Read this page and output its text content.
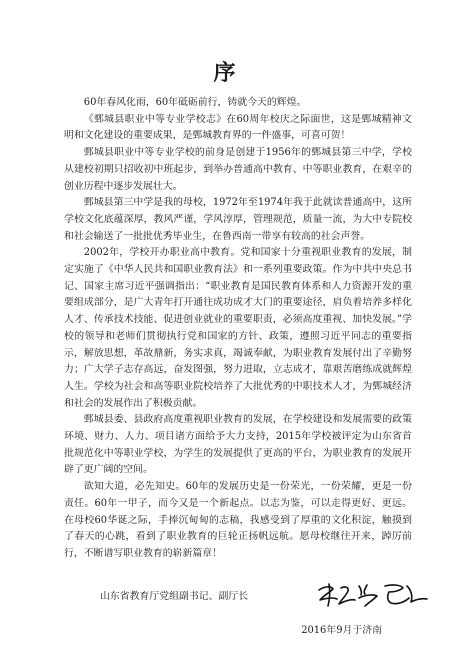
序

60年春风化雨，60年砥砺前行，铸就今天的辉煌。

《鄄城县职业中等专业学校志》在60周年校庆之际面世，这是鄄城精神文明和文化建设的重要成果，是鄄城教育界的一件盛事，可喜可贺！

鄄城县职业中等专业学校的前身是创建于1956年的鄄城县第三中学，学校从建校初期只招收初中班起步，到举办普通高中教育、中等职业教育，在艰辛的创业历程中逐步发展壮大。

鄄城县第三中学是我的母校，1972年至1974年我于此就读普通高中，这所学校文化底蕴深厚，教风严谨，学风淳厚，管理规范，质量一流，为大中专院校和社会输送了一批批优秀毕业生，在鲁西南一带享有较高的社会声誉。

2002年，学校开办职业高中教育。党和国家十分重视职业教育的发展，制定实施了《中华人民共和国职业教育法》和一系列重要政策。作为中共中央总书记、国家主席习近平强调指出：“职业教育是国民教育体系和人力资源开发的重要组成部分，是广大青年打开通往成功成才大门的重要途径，肩负着培养多样化人才、传承技术技能、促进创业就业的重要职责，必须高度重视、加快发展。”学校的领导和老师们贯彻执行党和国家的方针、政策，遵照习近平同志的重要指示，解放思想，革故鼎新，务实求真，竭诚奉献，为职业教育发展付出了辛勤努力；广大学子志存高远，奋发图强，努力进取，立志成才，靠艰苦磨练成就辉煌人生。学校为社会和高等职业院校培养了大批优秀的中职技术人才，为鄄城经济和社会的发展作出了积极贡献。

鄄城县委、县政府高度重视职业教育的发展，在学校建设和发展需要的政策环境、财力、人力、项目诸方面给予大力支持，2015年学校被评定为山东省首批规范化中等职业学校，为学生的发展提供了更高的平台，为职业教育的发展开辟了更广阔的空间。

欲知大道，必先知史。60年的发展历史是一份荣光，一份荣耀，更是一份责任。60年一甲子，而今又是一个新起点。以志为鉴，可以走得更好、更远。在母校60华诞之际，手捧沉甸甸的志稿，我感受到了厚重的文化积淀，触摸到了春天的心跳，看到了职业教育的巨轮正扬帆远航。愿母校继往开来，踔厉前行，不断谱写职业教育的崭新篇章！

山东省教育厅党组副书记、副厅长
2016年9月于济南
